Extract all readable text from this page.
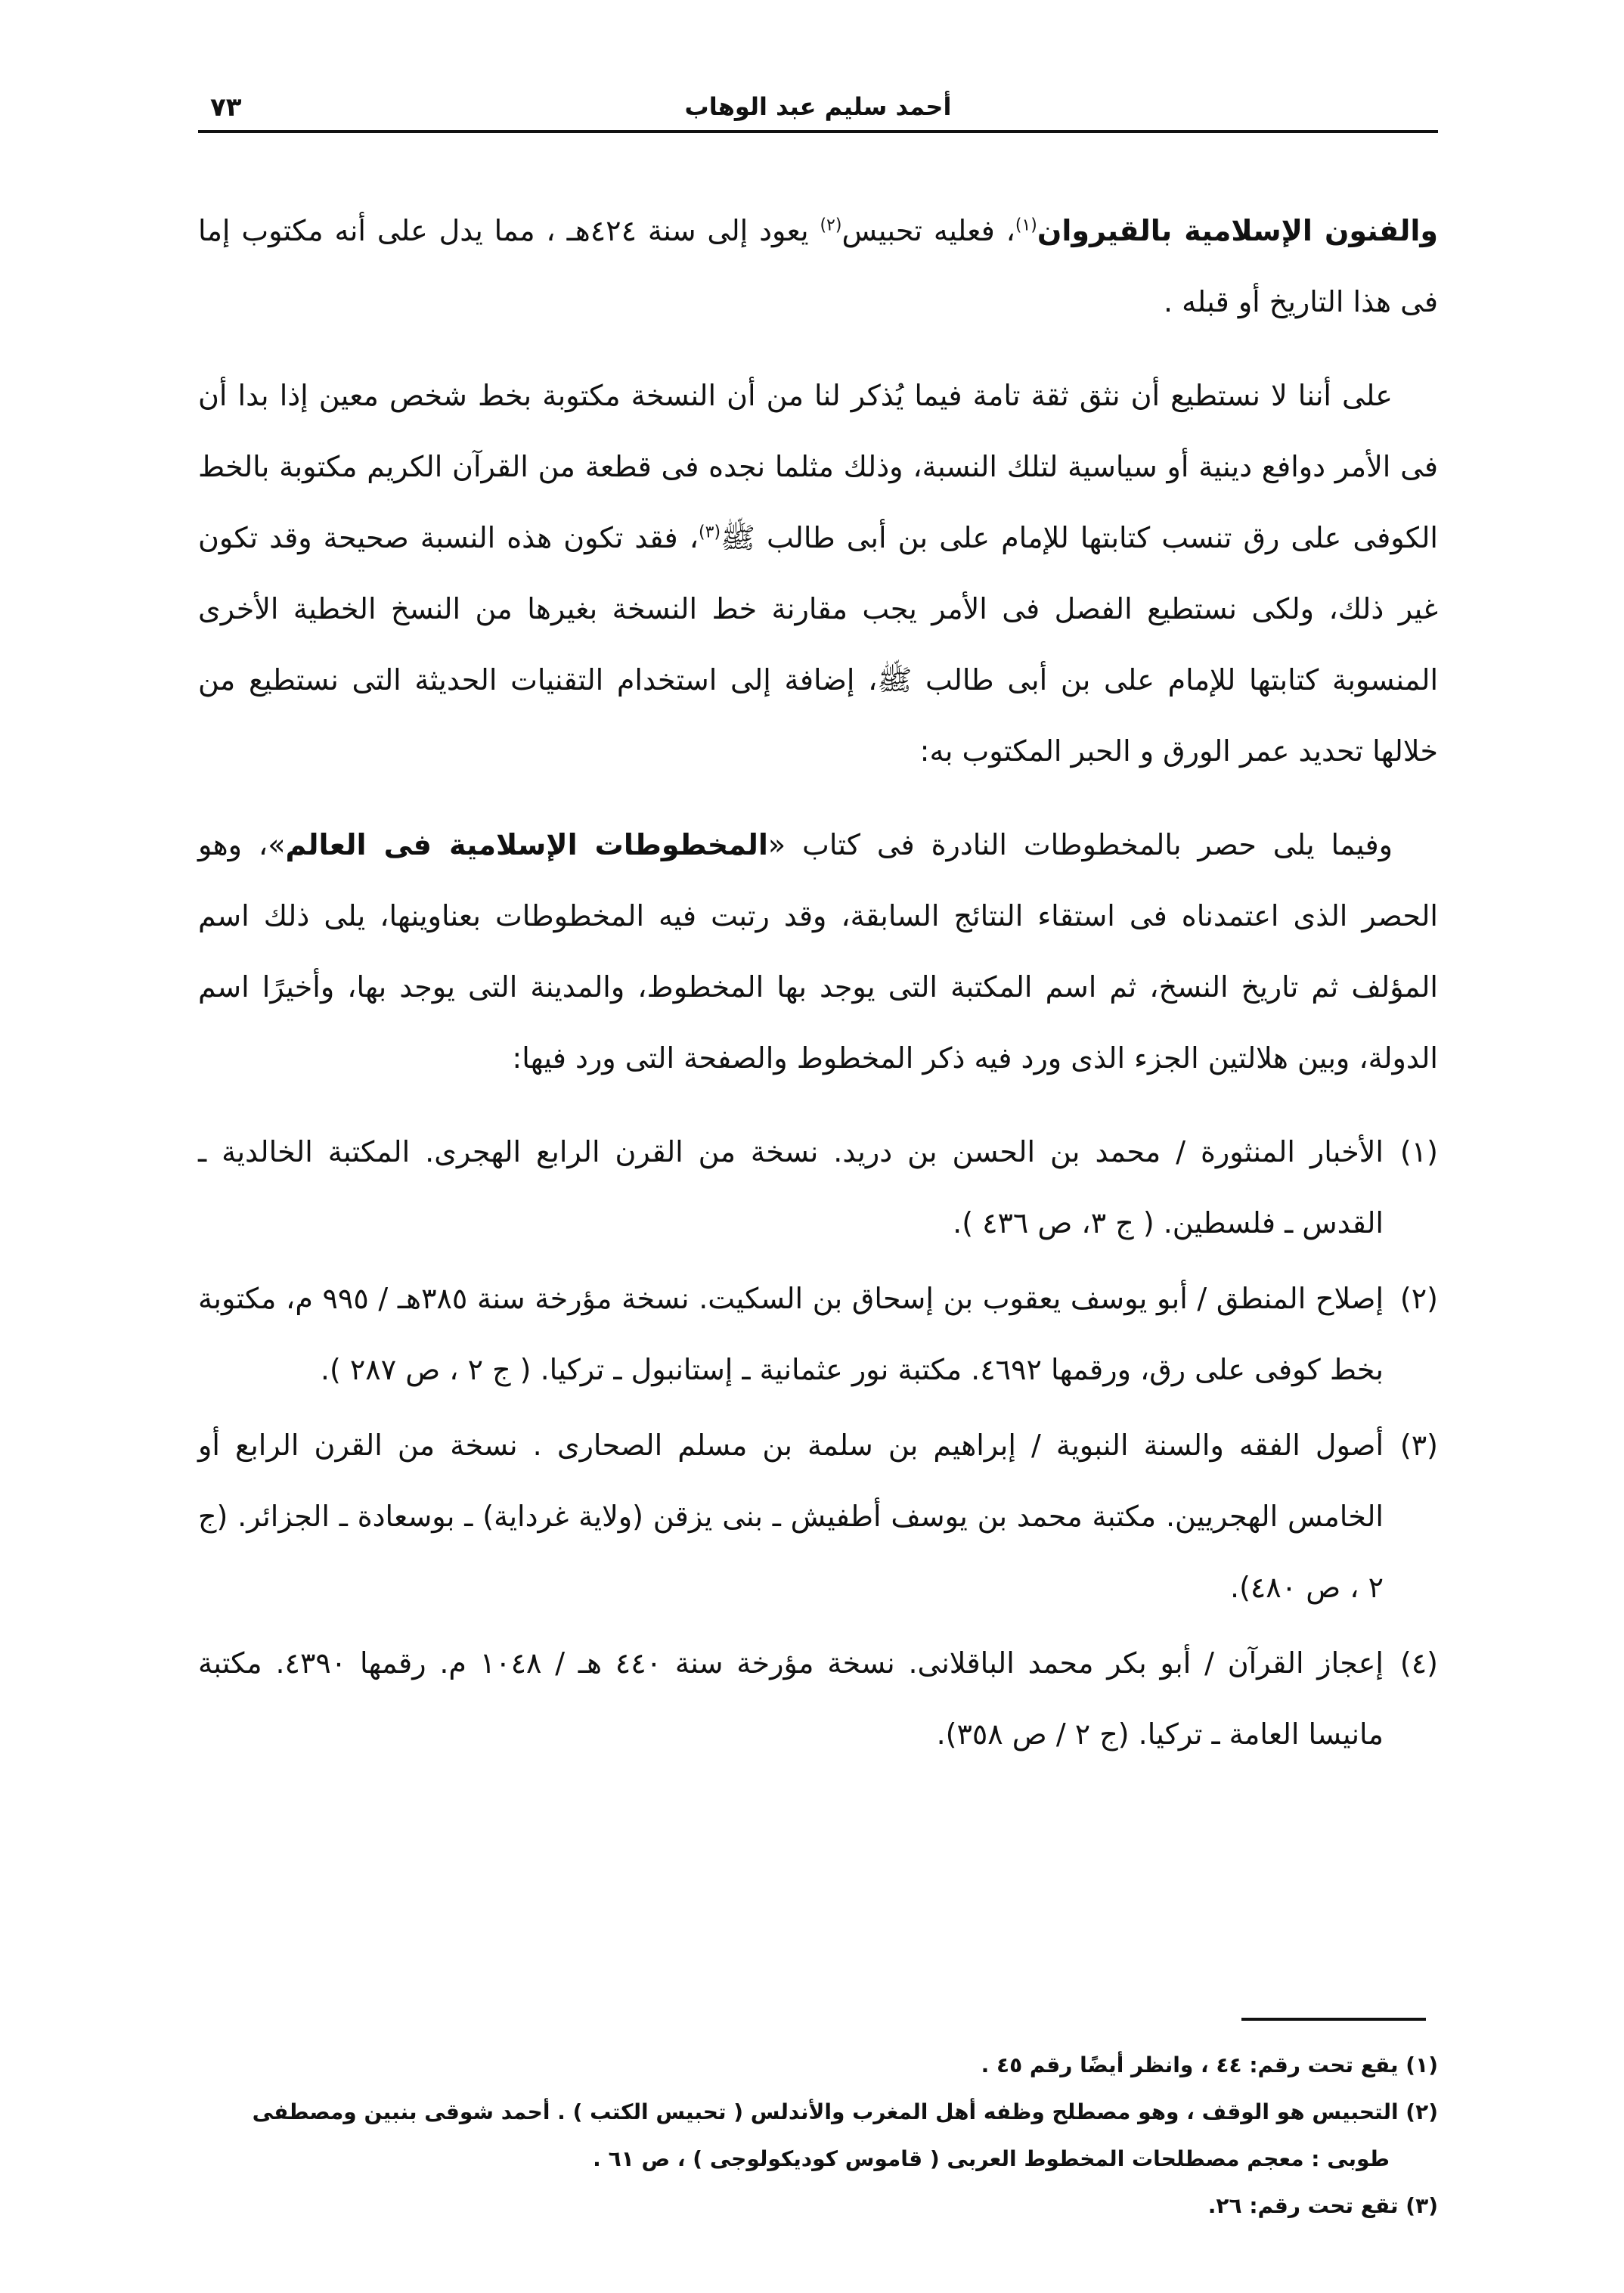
٧٣	أحمد سليم عبد الوهاب

والفنون الإسلامية بالقيروان$^{(١)}$، فعليه تحبيس$^{(٢)}$ يعود إلى سنة ٤٢٤هـ ، مما يدل على أنه مكتوب إما فى هذا التاريخ أو قبله .

على أننا لا نستطيع أن نثق ثقة تامة فيما يُذكر لنا من أن النسخة مكتوبة بخط شخص معين إذا بدا أن فى الأمر دوافع دينية أو سياسية لتلك النسبة، وذلك مثلما نجده فى قطعة من القرآن الكريم مكتوبة بالخط الكوفى على رق تنسب كتابتها للإمام على بن أبى طالب ﷺ$^{(٣)}$، فقد تكون هذه النسبة صحيحة وقد تكون غير ذلك، ولكى نستطيع الفصل فى الأمر يجب مقارنة خط النسخة بغيرها من النسخ الخطية الأخرى المنسوبة كتابتها للإمام على بن أبى طالب ﷺ، إضافة إلى استخدام التقنيات الحديثة التى نستطيع من خلالها تحديد عمر الورق و الحبر المكتوب به:

وفيما يلى حصر بالمخطوطات النادرة فى كتاب «المخطوطات الإسلامية فى العالم»، وهو الحصر الذى اعتمدناه فى استقاء النتائج السابقة، وقد رتبت فيه المخطوطات بعناوينها، يلى ذلك اسم المؤلف ثم تاريخ النسخ، ثم اسم المكتبة التى يوجد بها المخطوط، والمدينة التى يوجد بها، وأخيرًا اسم الدولة، وبين هلالتين الجزء الذى ورد فيه ذكر المخطوط والصفحة التى ورد فيها:

(١)
الأخبار المنثورة / محمد بن الحسن بن دريد. نسخة من القرن الرابع الهجرى. المكتبة الخالدية ـ القدس ـ فلسطين. ( ج ٣، ص ٤٣٦ ).
(٢)
إصلاح المنطق / أبو يوسف يعقوب بن إسحاق بن السكيت. نسخة مؤرخة سنة ٣٨٥هـ / ٩٩٥ م، مكتوبة بخط كوفى على رق، ورقمها ٤٦٩٢. مكتبة نور عثمانية ـ إستانبول ـ تركيا. ( ج ٢ ، ص ٢٨٧ ).
(٣)
أصول الفقه والسنة النبوية / إبراهيم بن سلمة بن مسلم الصحارى . نسخة من القرن الرابع أو الخامس الهجريين. مكتبة محمد بن يوسف أطفيش ـ بنى يزقن (ولاية غرداية) ـ بوسعادة ـ الجزائر. (ج ٢ ، ص ٤٨٠).
(٤)
إعجاز القرآن / أبو بكر محمد الباقلانى. نسخة مؤرخة سنة ٤٤٠ هـ / ١٠٤٨ م. رقمها ٤٣٩٠. مكتبة مانيسا العامة ـ تركيا. (ج ٢ / ص ٣٥٨).

(١) يقع تحت رقم: ٤٤ ، وانظر أيضًا رقم ٤٥ .

(٢) التحبيس هو الوقف ، وهو مصطلح وظفه أهل المغرب والأندلس ( تحبيس الكتب ) . أحمد شوقى بنبين ومصطفى

طوبى : معجم مصطلحات المخطوط العربى ( قاموس كوديكولوجى ) ، ص ٦١ .

(٣) تقع تحت رقم: ٢٦.
